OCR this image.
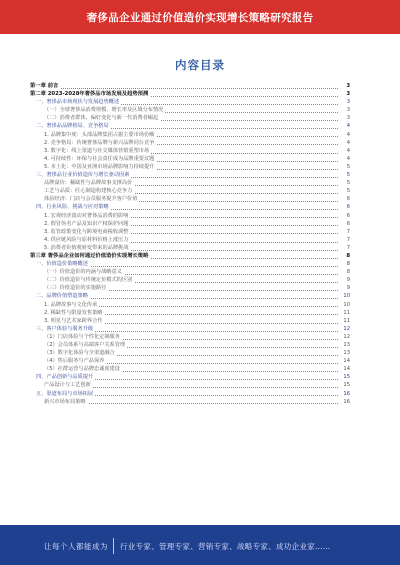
奢侈品企业通过价值造价实现增长策略研究报告
内容目录
第一章 前言	3
第二章 2023-2028年奢侈品市场发展及趋势预测	3
一、奢侈品市场现状与发展趋势概述	3
（一）全球奢侈品消费规模、增长率及区域分布情况	3
（二）消费者群体、偏好变化与新一代消费者崛起	3
二、奢侈品品牌格局、竞争格局	4
1. 品牌集中度：头部品牌集团占据主要市场份额	4
2. 竞争格局：传统奢侈品牌与新兴品牌同台竞争	4
3. 数字化：线上渠道与社交媒体营销重塑市场	4
4. 可持续性：环保与社会责任成为品牌重要议题	4
5. 本土化：中国及亚洲市场品牌影响力持续提升	5
三、奢侈品行业价值造价与增长驱动因素	5
品牌溢价：稀缺性与品牌故事支撑高价	5
工艺与品质：匠心制造构建核心竞争力	5
体验经济：门店与会员服务提升客户价值	6
四、行业风险、挑战与应对策略	6
1. 宏观经济波动对奢侈品消费的影响	6
2. 假冒伪劣产品及知识产权保护问题	6
3. 监管政策变化与跨境电商税收调整	7
4. 供应链风险与原材料价格上涨压力	7
5. 消费者价值观转变带来的品牌挑战	7
第三章 奢侈品企业如何通过价值造价实现增长策略	8
一、价值造价策略概述	8
（一）价值造价的内涵与战略意义	8
（二）价值造价与传统定价模式的区别	9
（三）价值造价的实施路径	9
二、品牌价值塑造策略	10
1. 品牌故事与文化传承	10
2. 稀缺性与限量发售策略	11
3. 明星与艺术家跨界合作	11
三、客户体验与服务升级	12
（1）门店体验与个性化定制服务	12
（2）会员体系与高端客户关系管理	13
（3）数字化体验与全渠道融合	13
（4）售后服务与产品保养	14
（5）社群运营与品牌忠诚度建设	14
四、产品创新与品质提升	15
产品设计与工艺创新	15
五、渠道布局与市场拓展	16
新兴市场布局策略	16
让每个人都能成为 行业专家、管理专家、营销专家、战略专家、成功企业家……
